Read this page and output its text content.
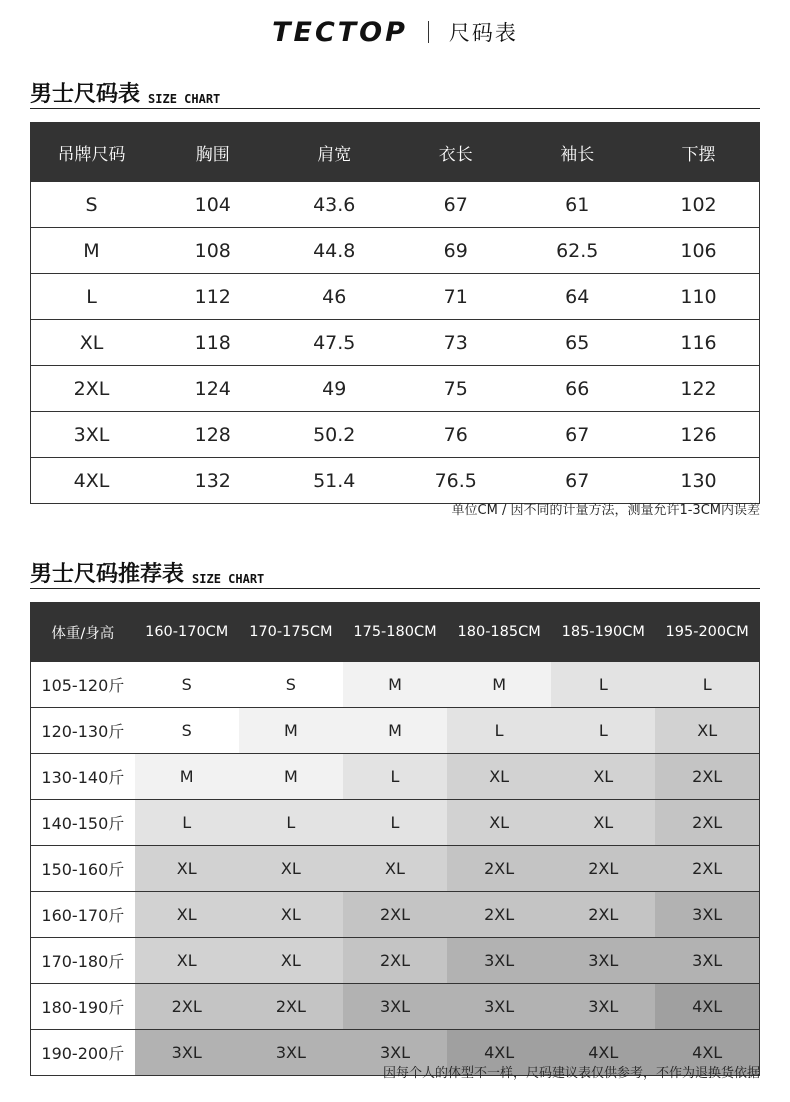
TECTOP 尺码表
男士尺码表 SIZE CHART
吊牌尺码	胸围	肩宽	衣长	袖长	下摆
S	104	43.6	67	61	102
M	108	44.8	69	62.5	106
L	112	46	71	64	110
XL	118	47.5	73	65	116
2XL	124	49	75	66	122
3XL	128	50.2	76	67	126
4XL	132	51.4	76.5	67	130
单位CM / 因不同的计量方法，测量允许1-3CM内误差
男士尺码推荐表 SIZE CHART
体重/身高	160-170CM	170-175CM	175-180CM	180-185CM	185-190CM	195-200CM
105-120斤	S	S	M	M	L	L
120-130斤	S	M	M	L	L	XL
130-140斤	M	M	L	XL	XL	2XL
140-150斤	L	L	L	XL	XL	2XL
150-160斤	XL	XL	XL	2XL	2XL	2XL
160-170斤	XL	XL	2XL	2XL	2XL	3XL
170-180斤	XL	XL	2XL	3XL	3XL	3XL
180-190斤	2XL	2XL	3XL	3XL	3XL	4XL
190-200斤	3XL	3XL	3XL	4XL	4XL	4XL
因每个人的体型不一样，尺码建议表仅供参考，不作为退换货依据
